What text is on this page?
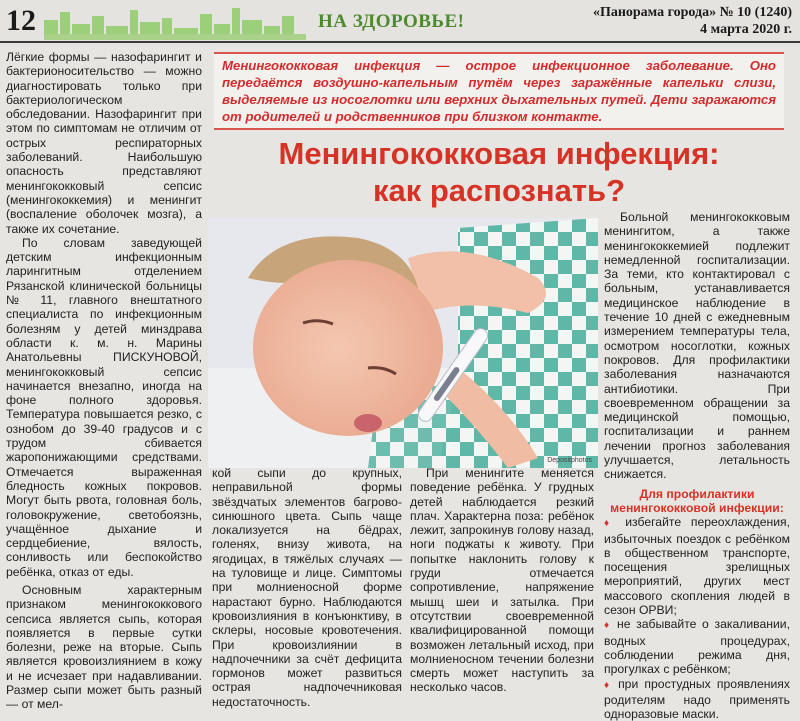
12	НА ЗДОРОВЬЕ!	«Панорама города» № 10 (1240)
4 марта 2020 г.

Лёгкие формы — назофарингит и бактерионосительство — можно диагностировать только при бактериологическом обследовании. Назофарингит при этом по симптомам не отличим от острых респираторных заболеваний. Наибольшую опасность представляют менингококковый сепсис (менингококкемия) и менингит (воспаление оболочек мозга), а также их сочетание.

По словам заведующей детским инфекционным ларингитным отделением Рязанской клинической больницы № 11, главного внештатного специалиста по инфекционным болезням у детей минздрава области к. м. н. Марины Анатольевны ПИСКУНОВОЙ, менингококковый сепсис начинается внезапно, иногда на фоне полного здоровья. Температура повышается резко, с ознобом до 39-40 градусов и с трудом сбивается жаропонижающими средствами. Отмечается выраженная бледность кожных покровов. Могут быть рвота, головная боль, головокружение, светобоязнь, учащённое дыхание и сердцебиение, вялость, сонливость или беспокойство ребёнка, отказ от еды.

Основным характерным признаком менингококкового сепсиса является сыпь, которая появляется в первые сутки болезни, реже на вторые. Сыпь является кровоизлиянием в кожу и не исчезает при надавливании. Размер сыпи может быть разный — от мел-

Менингококковая инфекция — острое инфекционное заболевание. Оно передаётся воздушно-капельным путём через заражённые капельки слизи, выделяемые из носоглотки или верхних дыхательных путей. Дети заражаются от родителей и родственников при близком контакте.
Менингококковая инфекция:
как распознать?
Depositphotos

кой сыпи до крупных, неправильной формы звёздчатых элементов багрово-синюшного цвета. Сыпь чаще локализуется на бёдрах, голенях, внизу живота, на ягодицах, в тяжёлых случаях — на туловище и лице. Симптомы при молниеносной форме нарастают бурно. Наблюдаются кровоизлияния в конъюнктиву, в склеры, носовые кровотечения. При кровоизлиянии в надпочечники за счёт дефицита гормонов может развиться острая надпочечниковая недостаточность.

При менингите меняется поведение ребёнка. У грудных детей наблюдается резкий плач. Характерна поза: ребёнок лежит, запрокинув голову назад, ноги поджаты к животу. При попытке наклонить голову к груди отмечается сопротивление, напряжение мышц шеи и затылка. При отсутствии своевременной квалифицированной помощи возможен летальный исход, при молниеносном течении болезни смерть может наступить за несколько часов.

Больной менингококковым менингитом, а также менингококкемией подлежит немедленной госпитализации. За теми, кто контактировал с больным, устанавливается медицинское наблюдение в течение 10 дней с ежедневным измерением температуры тела, осмотром носоглотки, кожных покровов. Для профилактики заболевания назначаются антибиотики. При своевременном обращении за медицинской помощью, госпитализации и раннем лечении прогноз заболевания улучшается, летальность снижается.

Для профилактики менингококковой инфекции:

♦ избегайте переохлаждения, избыточных поездок с ребёнком в общественном транспорте, посещения зрелищных мероприятий, других мест массового скопления людей в сезон ОРВИ;

♦ не забывайте о закаливании, водных процедурах, соблюдении режима дня, прогулках с ребёнком;

♦ при простудных проявлениях родителям надо применять одноразовые маски.
